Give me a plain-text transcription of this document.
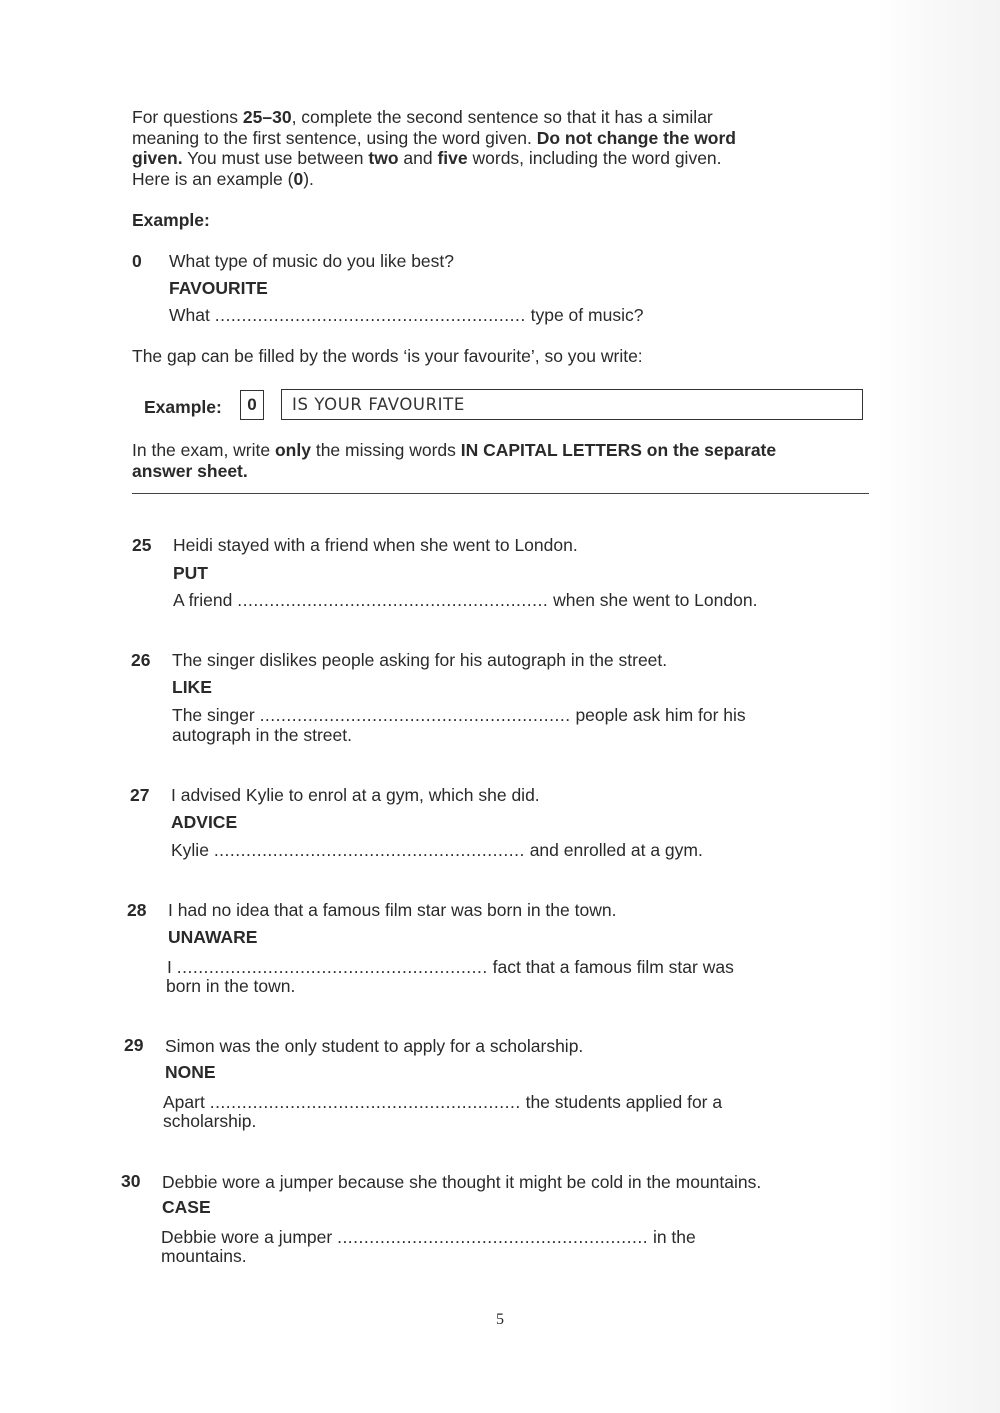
For questions 25–30, complete the second sentence so that it has a similar

meaning to the first sentence, using the word given. Do not change the word

given. You must use between two and five words, including the word given.

Here is an example (0).

Example:
0 What type of music do you like best?
FAVOURITE
What .......................................................... type of music?
The gap can be filled by the words ‘is your favourite’, so you write:
Example:	0	IS YOUR FAVOURITE
In the exam, write only the missing words IN CAPITAL LETTERS on the separate
answer sheet.
25 Heidi stayed with a friend when she went to London.
PUT
A friend .......................................................... when she went to London.
26 The singer dislikes people asking for his autograph in the street.
LIKE
The singer .......................................................... people ask him for his
autograph in the street.
27 I advised Kylie to enrol at a gym, which she did.
ADVICE
Kylie .......................................................... and enrolled at a gym.
28 I had no idea that a famous film star was born in the town.
UNAWARE
I .......................................................... fact that a famous film star was
born in the town.
29 Simon was the only student to apply for a scholarship.
NONE
Apart .......................................................... the students applied for a
scholarship.
30 Debbie wore a jumper because she thought it might be cold in the mountains.
CASE
Debbie wore a jumper .......................................................... in the
mountains.
5
